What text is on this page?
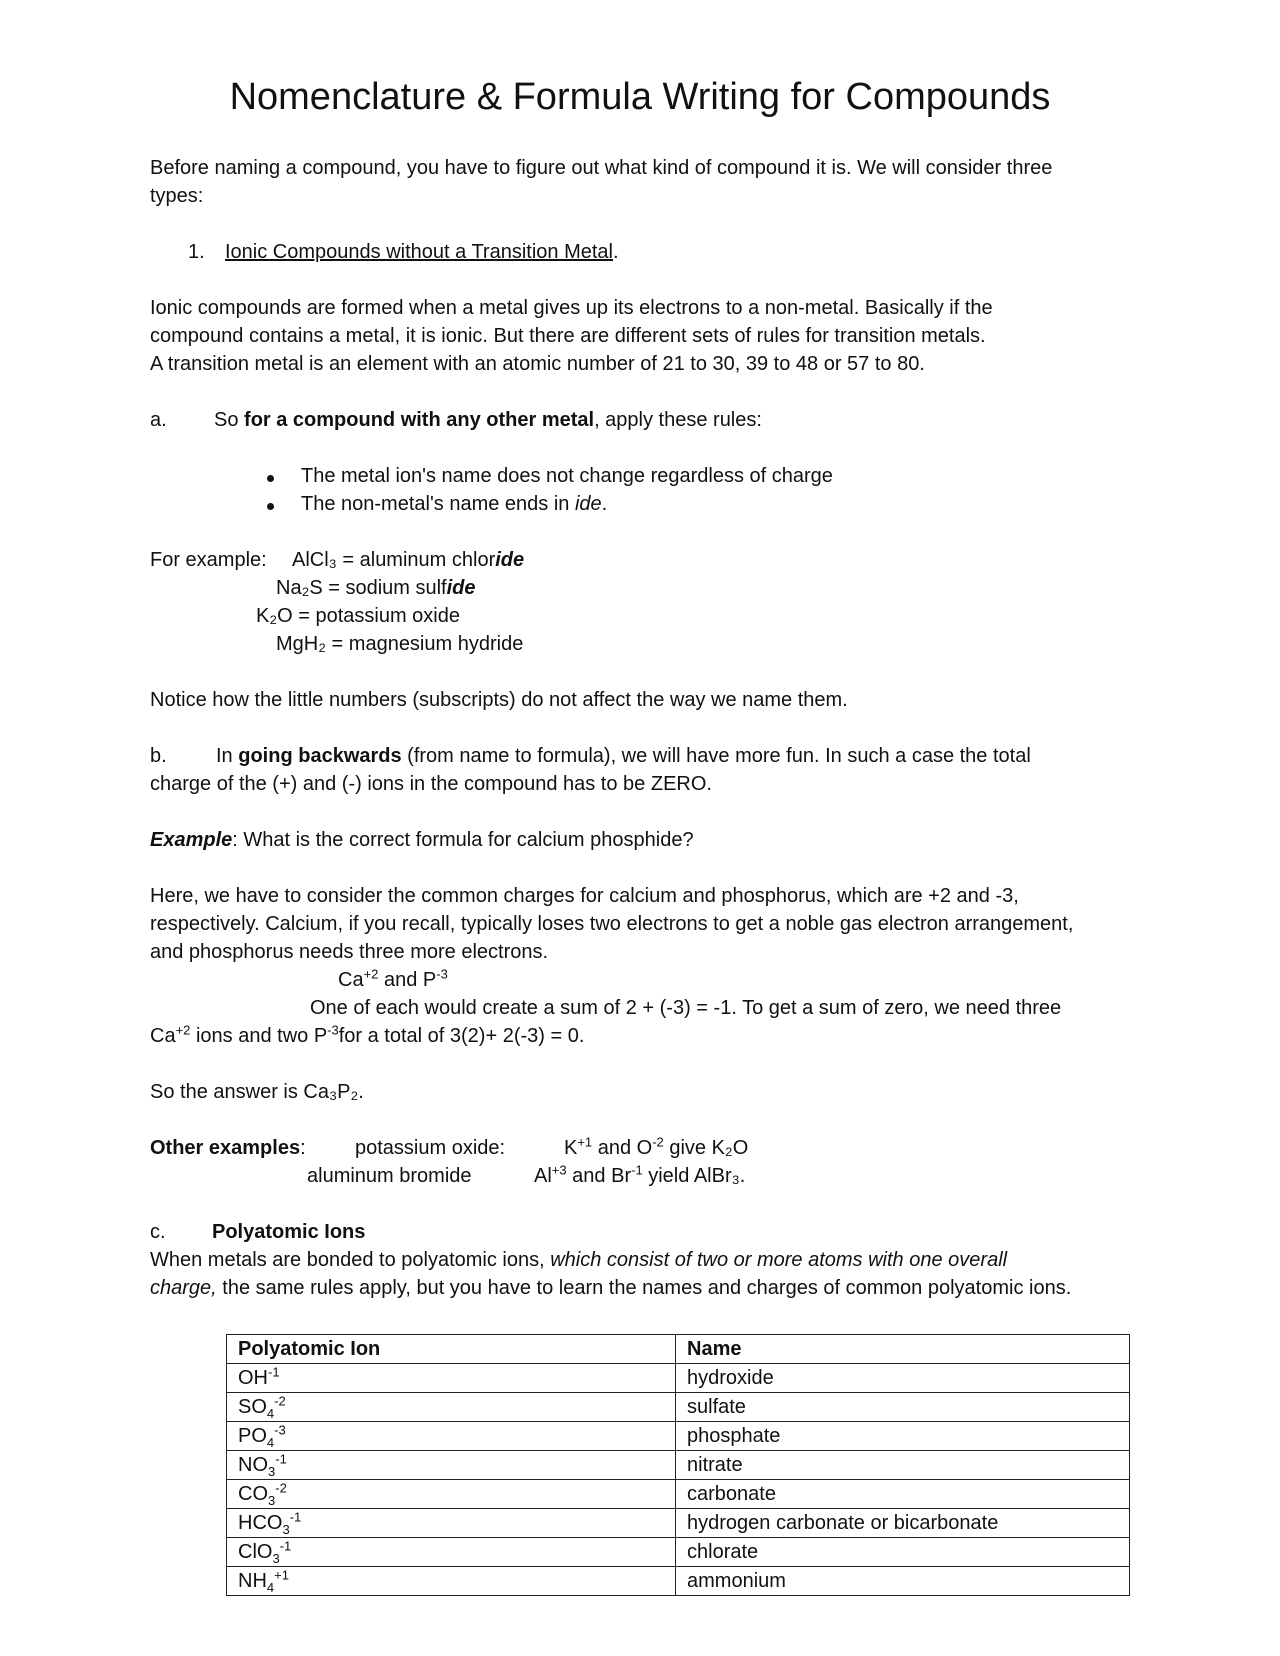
Nomenclature & Formula Writing for Compounds
Before naming a compound, you have to figure out what kind of compound it is. We will consider three
types:
1. Ionic Compounds without a Transition Metal.
Ionic compounds are formed when a metal gives up its electrons to a non-metal. Basically if the
compound contains a metal, it is ionic. But there are different sets of rules for transition metals.
A transition metal is an element with an atomic number of 21 to 30, 39 to 48 or 57 to 80.
a. So for a compound with any other metal, apply these rules:
The metal ion's name does not change regardless of charge
The non-metal's name ends in ide.
For example: AlCl₃ = aluminum chloride
Na₂S = sodium sulfide
K₂O = potassium oxide
MgH₂ = magnesium hydride
Notice how the little numbers (subscripts) do not affect the way we name them.
b. In going backwards (from name to formula), we will have more fun. In such a case the total
charge of the (+) and (-) ions in the compound has to be ZERO.
Example: What is the correct formula for calcium phosphide?
Here, we have to consider the common charges for calcium and phosphorus, which are +2 and -3,
respectively. Calcium, if you recall, typically loses two electrons to get a noble gas electron arrangement,
and phosphorus needs three more electrons.
$Ca^{+2}$ and $P^{-3}$
One of each would create a sum of 2 + (-3) = -1. To get a sum of zero, we need three
$Ca^{+2}$ ions and two $P^{-3}for$ a total of 3(2)+ 2(-3) = 0.
So the answer is Ca₃P₂.
Other examples: potassium oxide:	$K^{+1}$ and $O^{-2}$ give K₂O
aluminum bromide	$Al^{+3}$ and $Br^{-1}$ yield AlBr₃.
c. Polyatomic Ions
When metals are bonded to polyatomic ions, which consist of two or more atoms with one overall
charge, the same rules apply, but you have to learn the names and charges of common polyatomic ions.
Polyatomic Ion	Name
$OH^{-1}$	hydroxide
$SO_4^{-2}$	sulfate
$PO_4^{-3}$	phosphate
$NO_3^{-1}$	nitrate
$CO_3^{-2}$	carbonate
$HCO_3^{-1}$	hydrogen carbonate or bicarbonate
ClO$_3^{-1}$	chlorate
$NH_4^{+1}$	ammonium
